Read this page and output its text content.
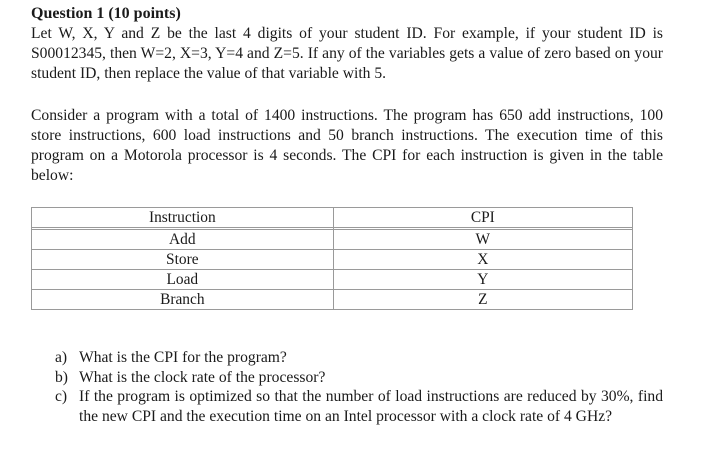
Question 1 (10 points)

Let W, X, Y and Z be the last 4 digits of your student ID. For example, if your student ID is S00012345, then W=2, X=3, Y=4 and Z=5. If any of the variables gets a value of zero based on your student ID, then replace the value of that variable with 5.

Consider a program with a total of 1400 instructions. The program has 650 add instructions, 100 store instructions, 600 load instructions and 50 branch instructions. The execution time of this program on a Motorola processor is 4 seconds. The CPI for each instruction is given in the table below:

Instruction	CPI

Add	W
Store	X
Load	Y
Branch	Z
a) What is the CPI for the program?
b) What is the clock rate of the processor?
c) If the program is optimized so that the number of load instructions are reduced by 30%, find the new CPI and the execution time on an Intel processor with a clock rate of 4 GHz?
